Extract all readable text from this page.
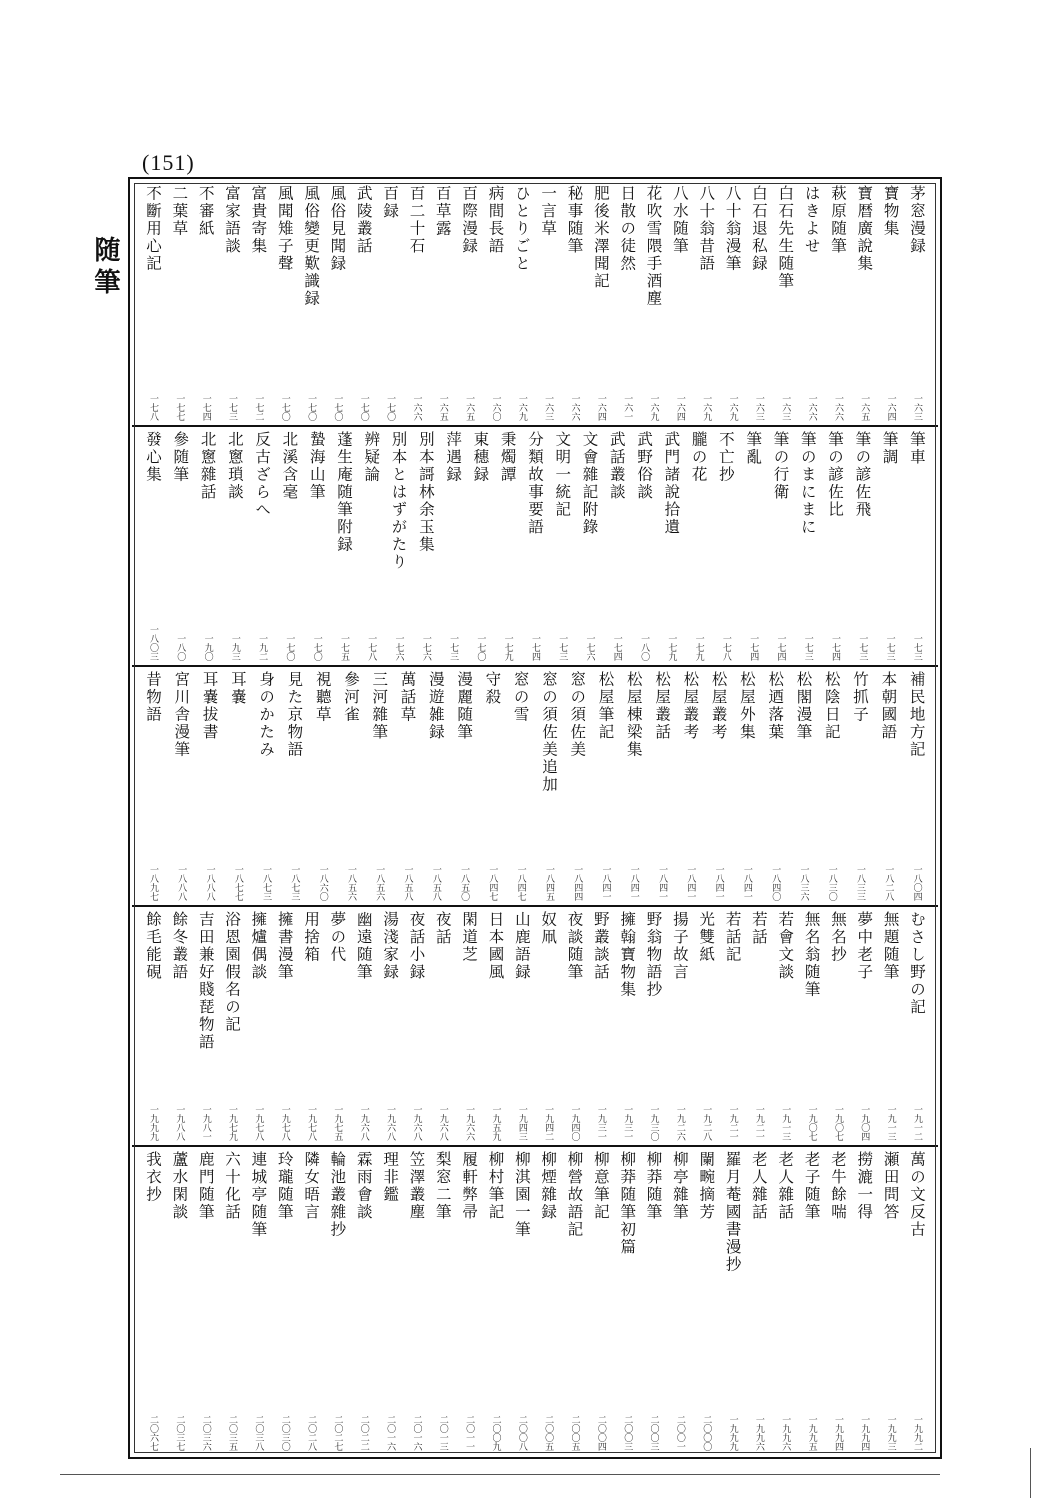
(151)
随筆
茅窓漫録
一六三
寶物集
一六四
寶暦廣說集
一六五
萩原随筆
一六六
はきよせ
一六六
白石先生随筆
一六三
白石退私録
一六三
八十翁漫筆
一六九
八十翁昔語
一六九
八水随筆
一六四
花吹雪隈手酒塵
一六九
日散の徒然
一六一
肥後米澤聞記
一六四
秘事随筆
一六六
一言草
一六三
ひとりごと
一六九
病間長語
一六〇
百際漫録
一六五
百草露
一六五
百二十石
一六六
百録
一七〇
武陵叢話
一七〇
風俗見聞録
一七〇
風俗變更歎識録
一七〇
風聞雉子聲
一七〇
富貴寄集
一七二
富家語談
一七三
不審紙
一七四
二葉草
一七七
不斷用心記
一七八
筆車
一七三
筆調
一七三
筆の諺佐飛
一七三
筆の諺佐比
一七四
筆のまにまに
一七三
筆の行衛
一七四
筆亂
一七四
不亡抄
一七八
朧の花
一七九
武門諸說拾遺
一七九
武野俗談
一八〇
武話叢談
一七四
文會雜記附錄
一七六
文明一統記
一七三
分類故事要語
一七四
秉燭譚
一七九
東穗録
一七〇
萍遇録
一七三
別本謌林余玉集
一七六
別本とはずがたり
一七六
辨疑論
一七八
蓬生庵随筆附録
一七五
蟄海山筆
一七〇
北溪含毫
一七〇
反古ざらへ
一九二
北窻瑣談
一九三
北窻雜話
一九〇
參随筆
一八〇
發心集
一八〇三
補民地方記
一八〇四
本朝國語
一八二八
竹抓子
一八三三
松陰日記
一八三〇
松閣漫筆
一八三六
松迺落葉
一八四〇
松屋外集
一八四一
松屋叢考
一八四一
松屋叢考
一八四一
松屋叢話
一八四一
松屋棟梁集
一八四一
松屋筆記
一八四一
窓の須佐美
一八四四
窓の須佐美追加
一八四五
窓の雪
一八四七
守殺
一八四七
漫麗随筆
一八五〇
漫遊雑録
一八五八
萬話草
一八五八
三河雜筆
一八五六
參河雀
一八五六
視聽草
一八六〇
見た京物語
一八七三
身のかたみ
一八七三
耳嚢
一八七七
耳嚢拔書
一八八八
宮川舎漫筆
一八八八
昔物語
一八九七
むさし野の記
一九一二
無題随筆
一九一三
夢中老子
一九〇四
無名抄
一九〇七
無名翁随筆
一九〇七
若會文談
一九一三
若話
一九二一
若話記
一九二一
光雙紙
一九二八
揚子故言
一九二六
野翁物語抄
一九三〇
擁翰寶物集
一九三一
野叢談話
一九三一
夜談随筆
一九四〇
奴凧
一九四二
山鹿語録
一九四三
日本國風
一九五九
閑道芝
一九六六
夜話
一九六八
夜話小録
一九六八
湯淺家録
一九六八
幽遠随筆
一九六八
夢の代
一九七五
用捨箱
一九七八
擁書漫筆
一九七八
擁爐偶談
一九七八
浴恩園假名の記
一九七九
吉田兼好賤琵物語
一九八一
餘冬叢語
一九八八
餘毛能硯
一九九九
萬の文反古
一九九二
瀬田問答
一九九三
撈漉一得
一九九四
老牛餘喘
一九九四
老子随筆
一九九五
老人雜話
一九九六
老人雜話
一九九六
羅月菴國書漫抄
一九九九
闌畹摘芳
二〇〇〇
柳亭雜筆
二〇〇一
柳莽随筆
二〇〇三
柳莽随筆初篇
二〇〇三
柳意筆記
二〇〇四
柳營故語記
二〇〇五
柳煙雜録
二〇〇五
柳淇園一筆
二〇〇八
柳村筆記
二〇〇九
履軒弊帚
二〇一一
梨窓二筆
二〇一三
笠澤叢塵
二〇一六
理非鑑
二〇一六
霖雨會談
二〇二二
輪池叢雜抄
二〇二七
隣女晤言
二〇二八
玲瓏随筆
二〇三〇
連城亭随筆
二〇三八
六十化話
二〇三五
鹿門随筆
二〇三六
蘆水閑談
二〇三七
我衣抄
二〇六七
